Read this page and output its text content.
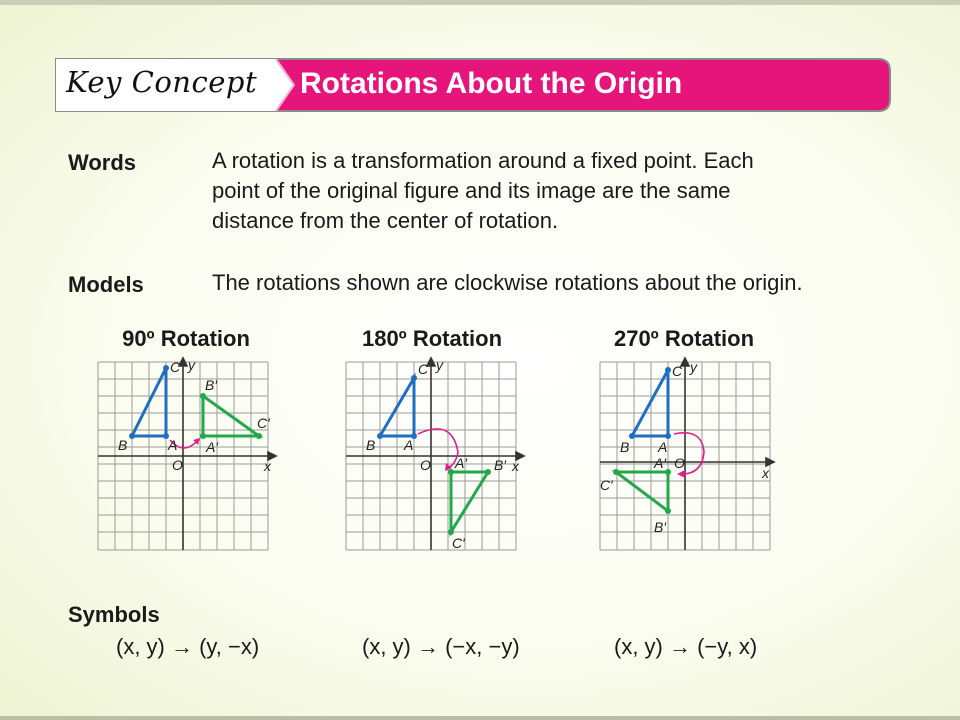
Key Concept Rotations About the Origin
Words	A rotation is a transformation around a fixed point. Each
point of the original figure and its image are the same
distance from the center of rotation.
Models	The rotations shown are clockwise rotations about the origin.
90º Rotation	180º Rotation	270º Rotation
C y
B	A
O	x
B′
A′
C′
C y
B A
O	x
A′ B′
C′
C y
B A
O
x
A′
B′
C′
Symbols
(x, y) → (y, −x)	(x, y) → (−x, −y)	(x, y) → (−y, x)
